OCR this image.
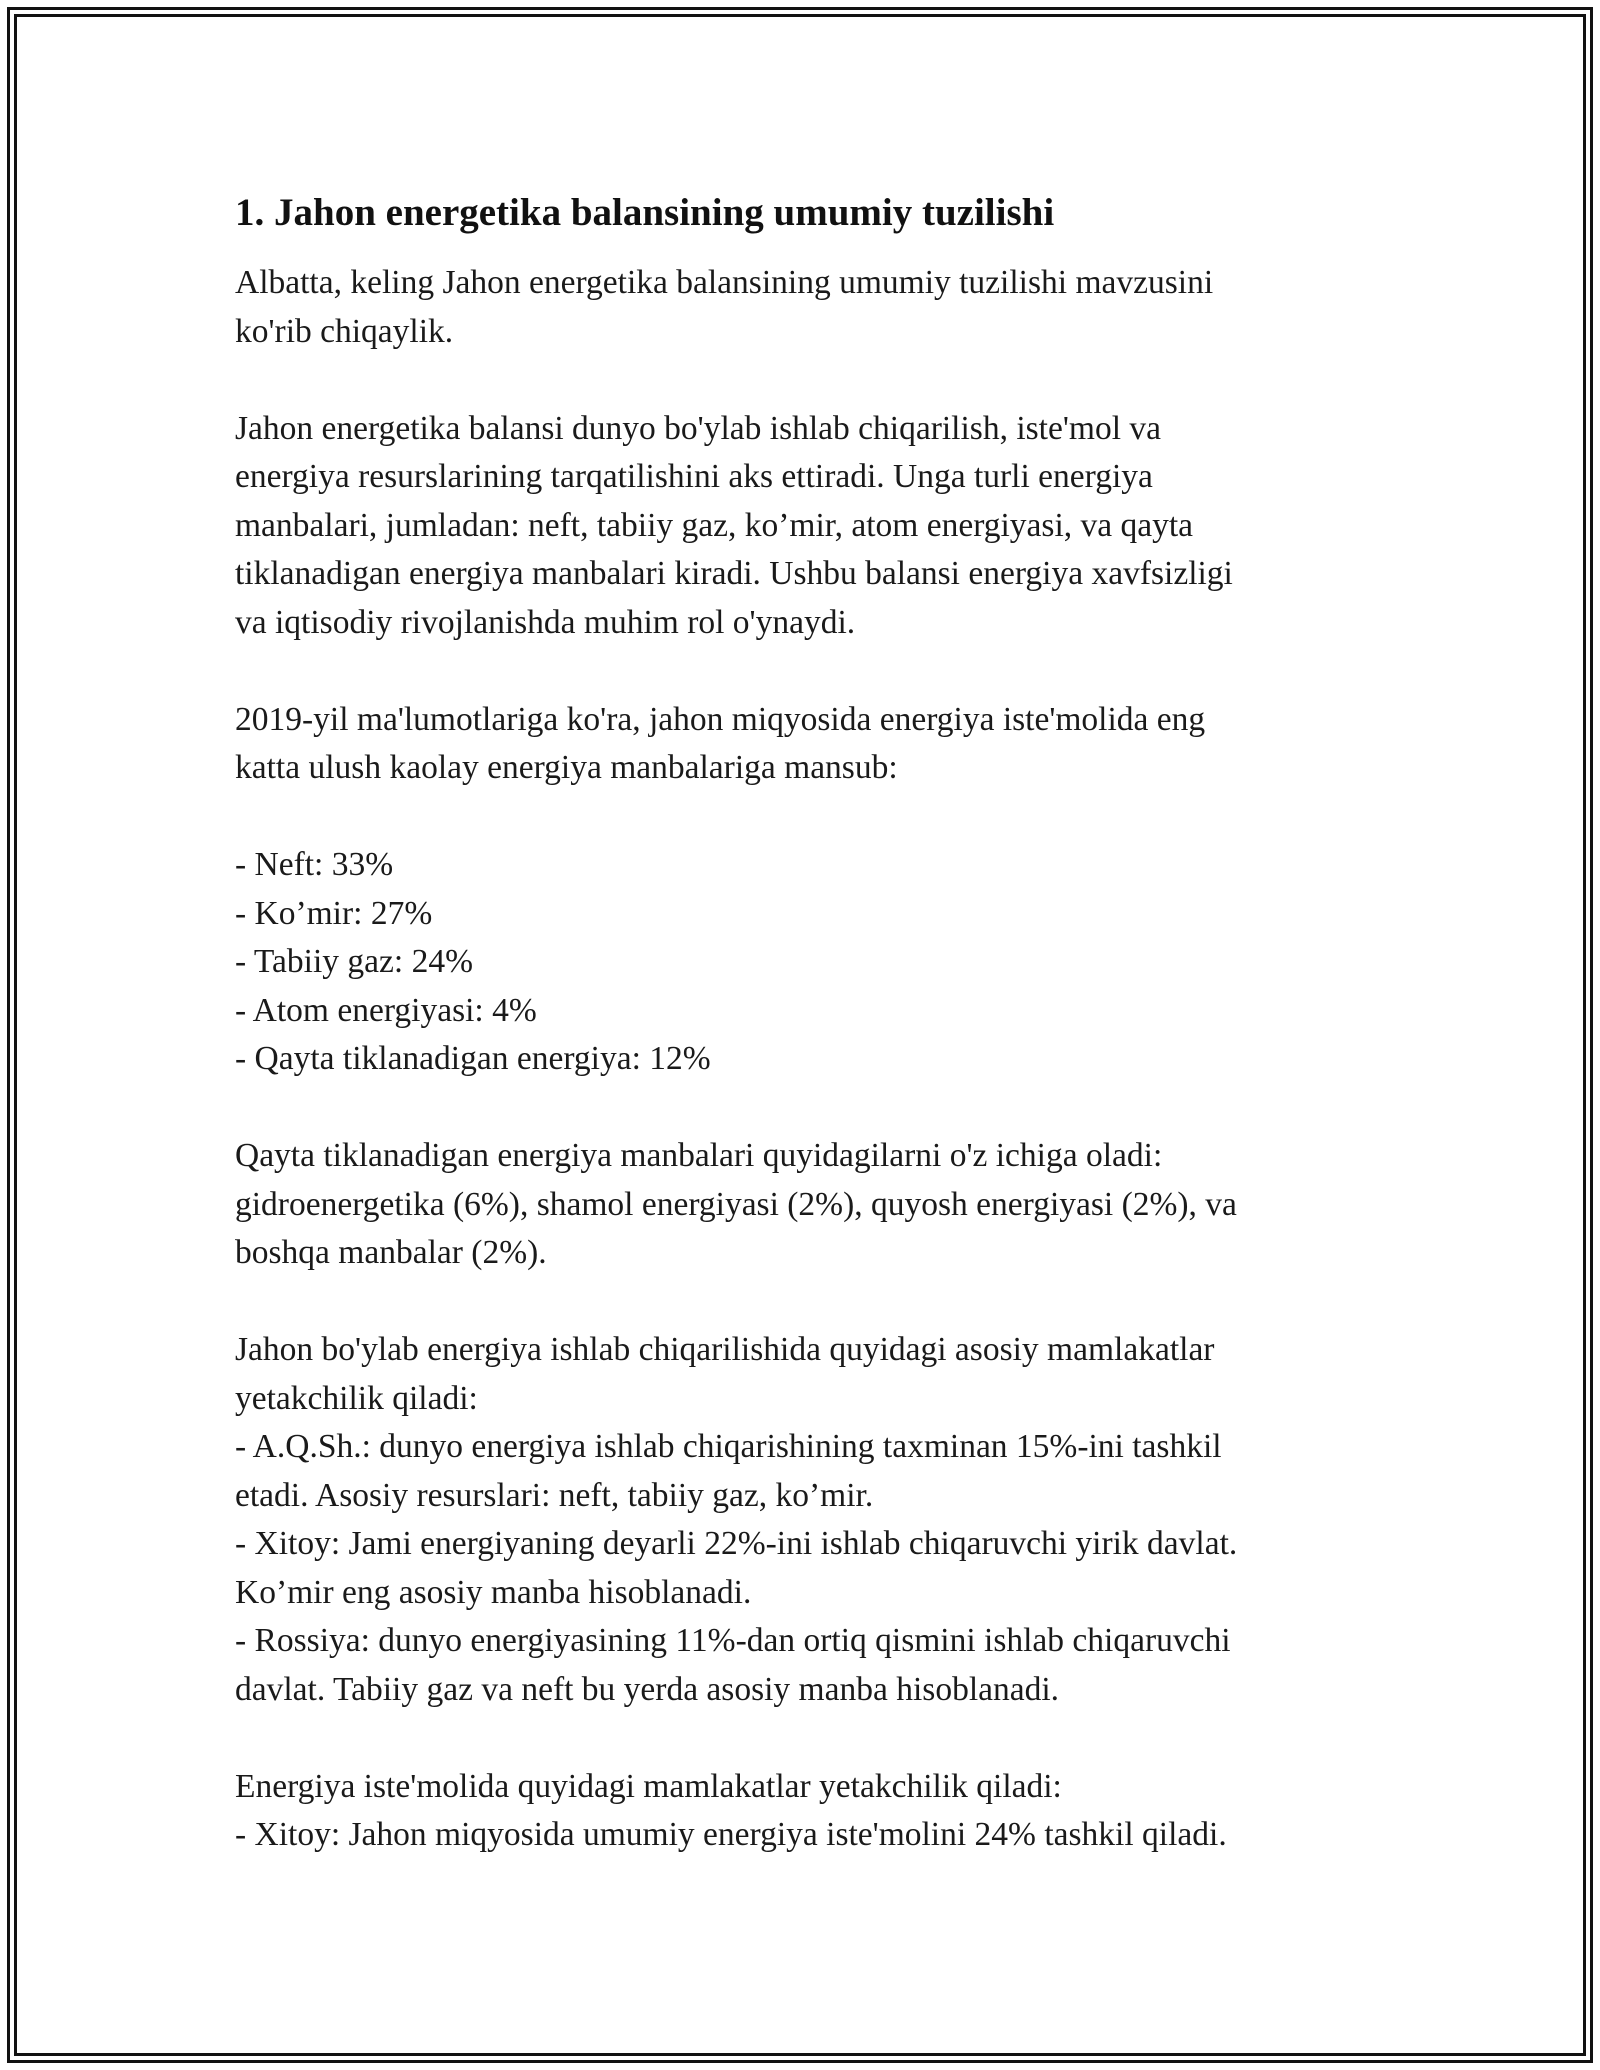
1. Jahon energetika balansining umumiy tuzilishi
Albatta, keling Jahon energetika balansining umumiy tuzilishi mavzusini
ko'rib chiqaylik.
Jahon energetika balansi dunyo bo'ylab ishlab chiqarilish, iste'mol va
energiya resurslarining tarqatilishini aks ettiradi. Unga turli energiya
manbalari, jumladan: neft, tabiiy gaz, ko’mir, atom energiyasi, va qayta
tiklanadigan energiya manbalari kiradi. Ushbu balansi energiya xavfsizligi
va iqtisodiy rivojlanishda muhim rol o'ynaydi.
2019-yil ma'lumotlariga ko'ra, jahon miqyosida energiya iste'molida eng
katta ulush kaolay energiya manbalariga mansub:
- Neft: 33%
- Ko’mir: 27%
- Tabiiy gaz: 24%
- Atom energiyasi: 4%
- Qayta tiklanadigan energiya: 12%
Qayta tiklanadigan energiya manbalari quyidagilarni o'z ichiga oladi:
gidroenergetika (6%), shamol energiyasi (2%), quyosh energiyasi (2%), va
boshqa manbalar (2%).
Jahon bo'ylab energiya ishlab chiqarilishida quyidagi asosiy mamlakatlar
yetakchilik qiladi:
- A.Q.Sh.: dunyo energiya ishlab chiqarishining taxminan 15%-ini tashkil
etadi. Asosiy resurslari: neft, tabiiy gaz, ko’mir.
- Xitoy: Jami energiyaning deyarli 22%-ini ishlab chiqaruvchi yirik davlat.
Ko’mir eng asosiy manba hisoblanadi.
- Rossiya: dunyo energiyasining 11%-dan ortiq qismini ishlab chiqaruvchi
davlat. Tabiiy gaz va neft bu yerda asosiy manba hisoblanadi.
Energiya iste'molida quyidagi mamlakatlar yetakchilik qiladi:
- Xitoy: Jahon miqyosida umumiy energiya iste'molini 24% tashkil qiladi.
